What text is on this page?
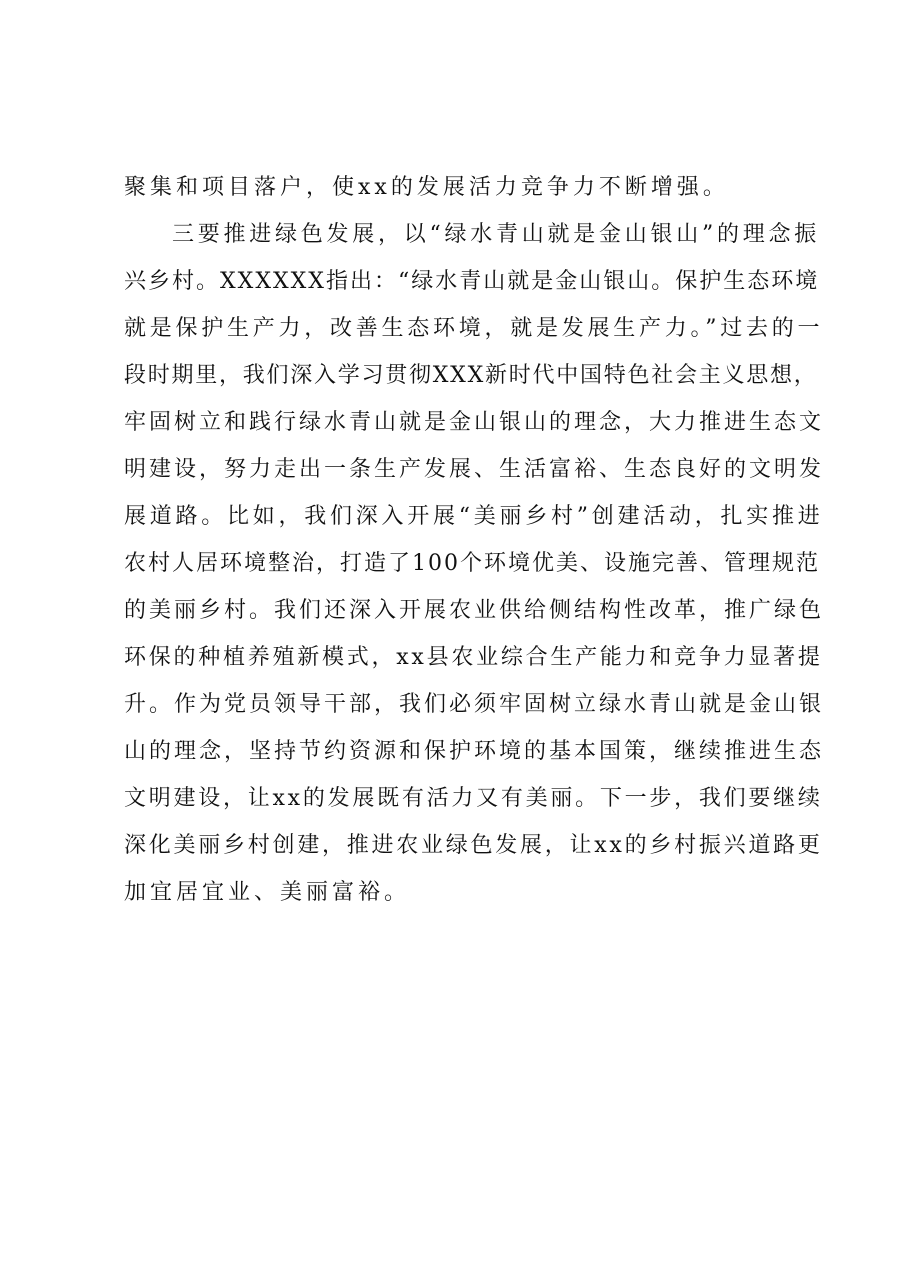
聚集和项目落户，使xx的发展活力竞争力不断增强。
三要推进绿色发展，以“绿水青山就是金山银山”的理念振
兴乡村。XXXXXX指出：“绿水青山就是金山银山。保护生态环境
就是保护生产力，改善生态环境，就是发展生产力。”过去的一
段时期里，我们深入学习贯彻XXX新时代中国特色社会主义思想，
牢固树立和践行绿水青山就是金山银山的理念，大力推进生态文
明建设，努力走出一条生产发展、生活富裕、生态良好的文明发
展道路。比如，我们深入开展“美丽乡村”创建活动，扎实推进
农村人居环境整治，打造了100个环境优美、设施完善、管理规范
的美丽乡村。我们还深入开展农业供给侧结构性改革，推广绿色
环保的种植养殖新模式，xx县农业综合生产能力和竞争力显著提
升。作为党员领导干部，我们必须牢固树立绿水青山就是金山银
山的理念，坚持节约资源和保护环境的基本国策，继续推进生态
文明建设，让xx的发展既有活力又有美丽。下一步，我们要继续
深化美丽乡村创建，推进农业绿色发展，让xx的乡村振兴道路更
加宜居宜业、美丽富裕。
